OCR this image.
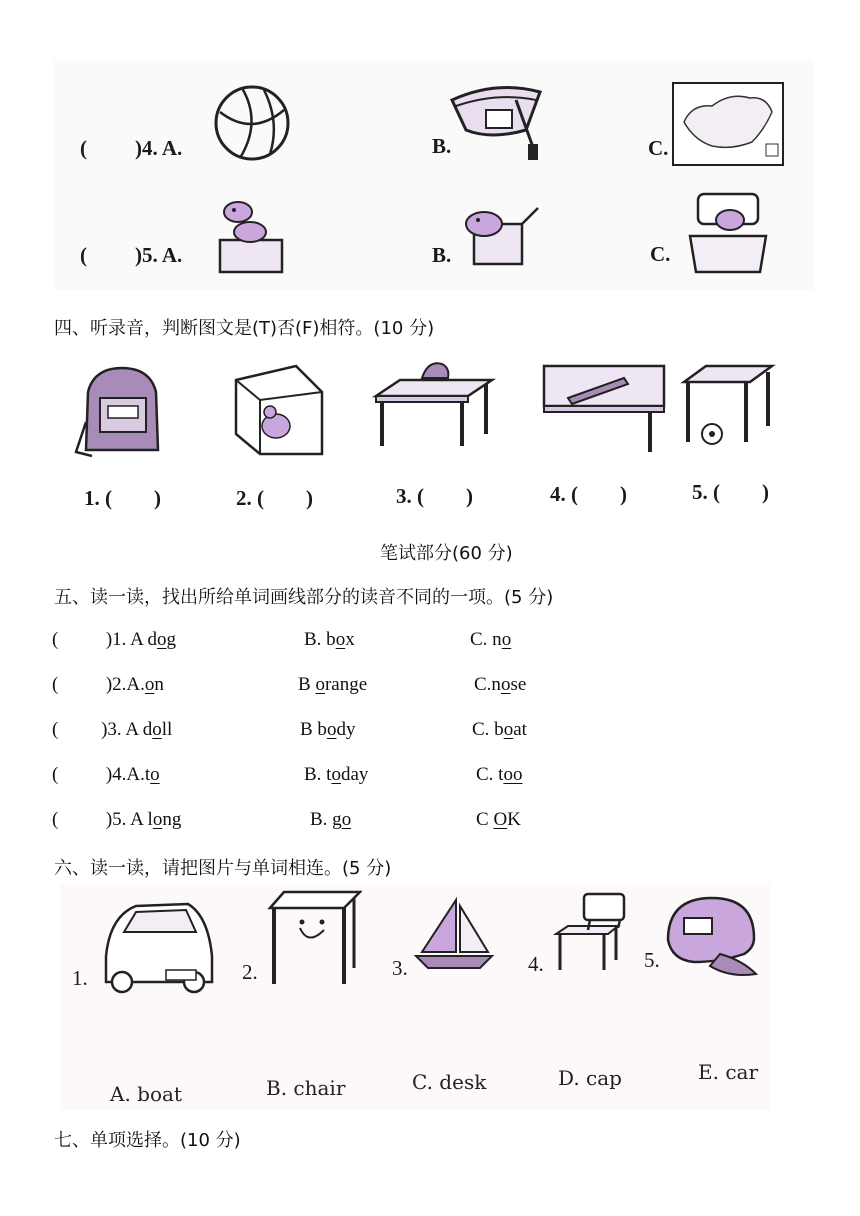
( )4. A.	B.	C.
( )5. A.	B.	C.
四、听录音，判断图文是(T)否(F)相符。(10 分)
1. (        )	2. (        )	3. (        )	4. (        )	5. (        )
笔试部分(60 分)
五、读一读，找出所给单词画线部分的读音不同的一项。(5 分)
(          )1. A dog	B. box	C. no
(          )2.A.on	B orange	C.nose
(         )3. A doll	B body	C. boat
(          )4.A.to	B. today	C. too
(          )5. A long	B. go	C OK
六、读一读，请把图片与单词相连。(5 分)
1.	2.	3.	4.	5.
A. boat	B. chair	C. desk	D. cap	E. car
七、单项选择。(10 分)
